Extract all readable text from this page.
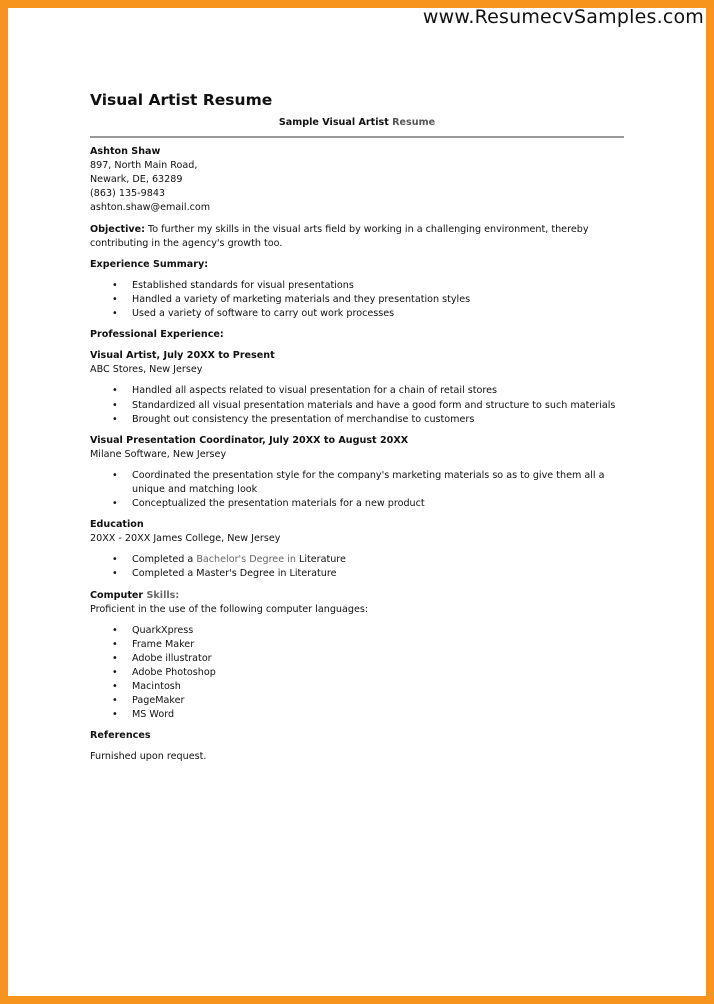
www.ResumecvSamples.com
Visual Artist Resume
Sample Visual Artist Resume
Ashton Shaw
897, North Main Road,
Newark, DE, 63289
(863) 135-9843
ashton.shaw@email.com
Objective: To further my skills in the visual arts field by working in a challenging environment, thereby
contributing in the agency's growth too.
Experience Summary:
• Established standards for visual presentations
• Handled a variety of marketing materials and they presentation styles
• Used a variety of software to carry out work processes
Professional Experience:
Visual Artist, July 20XX to Present
ABC Stores, New Jersey
• Handled all aspects related to visual presentation for a chain of retail stores
• Standardized all visual presentation materials and have a good form and structure to such materials
• Brought out consistency the presentation of merchandise to customers
Visual Presentation Coordinator, July 20XX to August 20XX
Milane Software, New Jersey
• Coordinated the presentation style for the company's marketing materials so as to give them all a
unique and matching look
• Conceptualized the presentation materials for a new product
Education
20XX - 20XX James College, New Jersey
• Completed a Bachelor's Degree in Literature
• Completed a Master's Degree in Literature
Computer Skills:
Proficient in the use of the following computer languages:
• QuarkXpress
• Frame Maker
• Adobe illustrator
• Adobe Photoshop
• Macintosh
• PageMaker
• MS Word
References
Furnished upon request.
